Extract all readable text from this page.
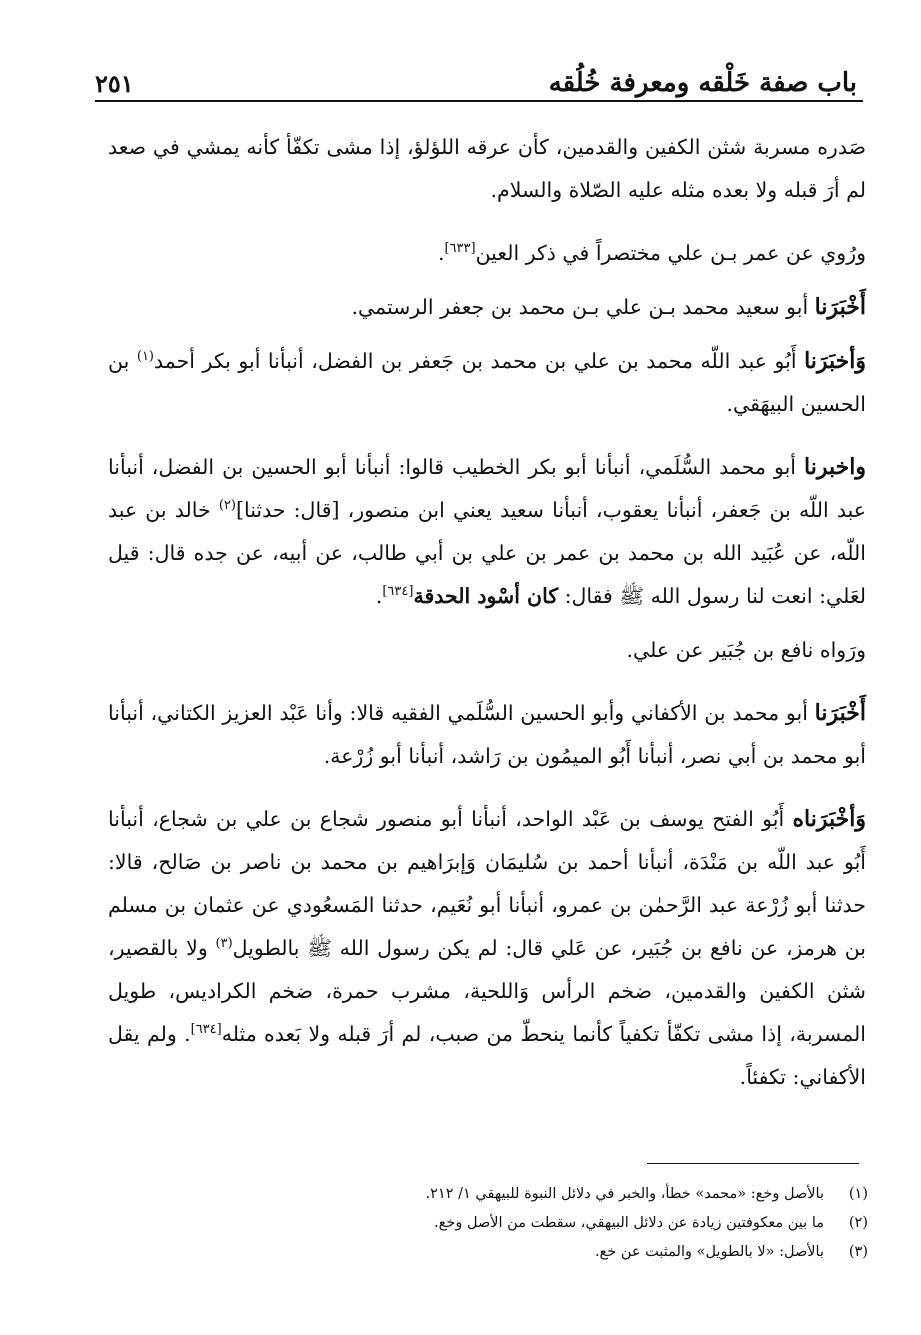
٢٥١	باب صفة خَلْقه ومعرفة خُلُقه

صَدره مسربة شثن الكفين والقدمين، كأن عرقه اللؤلؤ، إذا مشى تكفّأ كأنه يمشي في صعد لم أرَ قبله ولا بعده مثله عليه الصّلاة والسلام.

ورُوي عن عمر بـن علي مختصراً في ذكر العين[٦٣٣].

أَخْبَرَنا أبو سعيد محمد بـن علي بـن محمد بن جعفر الرستمي.

وَأخبَرَنا أَبُو عبد اللّه محمد بن علي بن محمد بن جَعفر بن الفضل، أنبأنا أبو بكر أحمد$^{(١)}$ بن الحسين البيهَقي.

واخبرنا أبو محمد السُّلَمي، أنبأنا أبو بكر الخطيب قالوا: أنبأنا أبو الحسين بن الفضل، أنبأنا عبد اللّه بن جَعفر، أنبأنا يعقوب، أنبأنا سعيد يعني ابن منصور، [قال: حدثنا]$^{(٢)}$ خالد بن عبد اللّه، عن عُبَيد الله بن محمد بن عمر بن علي بن أبي طالب، عن أبيه، عن جده قال: قيل لعَلي: انعت لنا رسول الله ﷺ فقال: كان أسْود الحدقة[٦٣٤].

ورَواه نافع بن جُبَير عن علي.

أَخْبَرَنا أبو محمد بن الأكفاني وأبو الحسين السُّلَمي الفقيه قالا: وأنا عَبْد العزيز الكتاني، أنبأنا أبو محمد بن أبي نصر، أنبأنا أَبُو الميمُون بن رَاشد، أنبأنا أبو زُرْعة.

وَأخْبَرَناه أَبُو الفتح يوسف بن عَبْد الواحد، أنبأنا أبو منصور شجاع بن علي بن شجاع، أنبأنا أَبُو عبد اللّه بن مَنْدَة، أنبأنا أحمد بن سُليمَان وَإبرَاهيم بن محمد بن ناصر بن صَالح، قالا: حدثنا أبو زُرْعة عبد الرَّحمٰن بن عمرو، أنبأنا أبو نُعَيم، حدثنا المَسعُودي عن عثمان بن مسلم بن هرمز، عن نافع بن جُبَير، عن عَلي قال: لم يكن رسول الله ﷺ بالطويل$^{(٣)}$ ولا بالقصير، شثن الكفين والقدمين، ضخم الرأس وَاللحية، مشرب حمرة، ضخم الكراديس، طويل المسربة، إذا مشى تكفّأ تكفياً كأنما ينحطّ من صبب، لم أرَ قبله ولا بَعده مثله[٦٣٤]. ولم يقل الأكفاني: تكفئاً.

(١)
بالأصل وخع: «محمد» خطأ، والخبر في دلائل النبوة للبيهقي ١/ ٢١٢.
(٢)
ما بين معكوفتين زيادة عن دلائل البيهقي، سقطت من الأصل وخع.
(٣)
بالأصل: «لا بالطويل» والمثبت عن خع.
